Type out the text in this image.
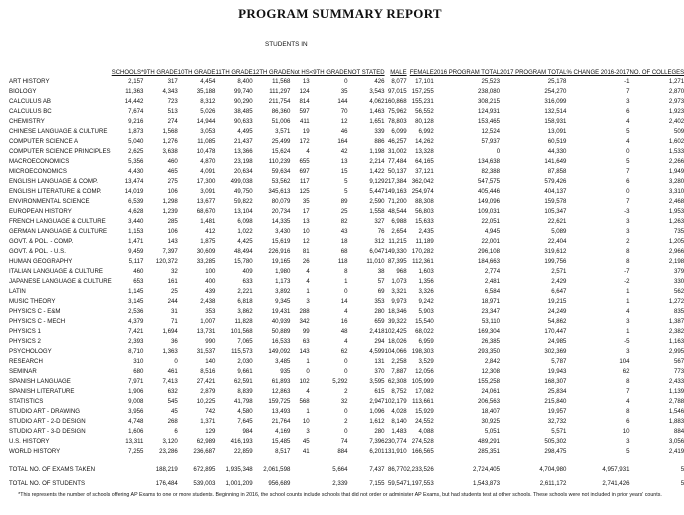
PROGRAM SUMMARY REPORT
STUDENTS IN

	SCHOOLS*	9TH GRADE	10TH GRADE	11TH GRADE	12TH GRADE	Not HS	<9TH GRADE	NOT STATED	MALE	FEMALE	2016 PROGRAM TOTAL	2017 PROGRAM TOTAL	% CHANGE 2016-2017	NO. OF COLLEGES	

ART HISTORY	2,157	317	4,454	8,400	11,568	13	0	426	8,077	17,101	25,523	25,178	-1	1,271	
BIOLOGY	11,363	4,343	35,188	99,740	111,297	124	35	3,543	97,015	157,255	238,080	254,270	7	2,870	
CALCULUS AB	14,442	723	8,312	90,290	211,754	814	144	4,062	160,868	155,231	308,215	316,099	3	2,973	
CALCULUS BC	7,674	513	5,026	38,485	86,360	597	70	1,463	75,962	56,552	124,931	132,514	6	1,923	
CHEMISTRY	9,216	274	14,944	90,633	51,006	411	12	1,651	78,803	80,128	153,465	158,931	4	2,402	
CHINESE LANGUAGE & CULTURE	1,873	1,568	3,053	4,495	3,571	19	46	339	6,099	6,992	12,524	13,091	5	509	
COMPUTER SCIENCE A	5,040	1,276	11,085	21,437	25,499	172	164	886	46,257	14,262	57,937	60,519	4	1,602	
COMPUTER SCIENCE PRINCIPLES	2,625	3,638	10,478	13,366	15,624	4	42	1,198	31,002	13,328	0	44,330	0	1,533	
MACROECONOMICS	5,356	460	4,870	23,198	110,239	655	13	2,214	77,484	64,165	134,638	141,649	5	2,266	
MICROECONOMICS	4,430	465	4,091	20,634	59,634	697	15	1,422	50,137	37,121	82,388	87,858	7	1,949	
ENGLISH LANGUAGE & COMP.	13,474	275	17,300	499,038	53,562	117	5	9,129	217,384	362,042	547,575	579,426	6	3,280	
ENGLISH LITERATURE & COMP.	14,019	106	3,091	49,750	345,613	125	5	5,447	149,163	254,974	405,446	404,137	0	3,310	
ENVIRONMENTAL SCIENCE	6,539	1,298	13,677	59,822	80,079	35	89	2,590	71,200	88,308	149,096	159,578	7	2,468	
EUROPEAN HISTORY	4,628	1,239	68,670	13,104	20,734	17	25	1,558	48,544	56,803	109,031	105,347	-3	1,953	
FRENCH LANGUAGE & CULTURE	3,440	285	1,481	6,098	14,335	13	82	327	6,988	15,633	22,051	22,621	3	1,263	
GERMAN LANGUAGE & CULTURE	1,153	106	412	1,022	3,430	10	43	76	2,654	2,435	4,945	5,089	3	735	
GOVT. & POL. - COMP.	1,471	143	1,875	4,425	15,619	12	18	312	11,215	11,189	22,001	22,404	2	1,205	
GOVT. & POL. - U.S.	9,459	7,397	30,609	48,494	226,916	81	68	6,047	149,330	170,282	296,108	319,612	8	2,966	
HUMAN GEOGRAPHY	5,117	120,372	33,285	15,780	19,165	26	118	11,010	87,395	112,361	184,663	199,756	8	2,198	
ITALIAN LANGUAGE & CULTURE	460	32	100	409	1,980	4	8	38	968	1,603	2,774	2,571	-7	379	
JAPANESE LANGUAGE & CULTURE	653	161	400	633	1,173	4	1	57	1,073	1,356	2,481	2,429	-2	330	
LATIN	1,145	25	439	2,221	3,892	1	0	69	3,321	3,326	6,584	6,647	1	562	
MUSIC THEORY	3,145	244	2,438	6,818	9,345	3	14	353	9,973	9,242	18,971	19,215	1	1,272	
PHYSICS C - E&M	2,536	31	353	3,862	19,431	288	4	280	18,346	5,903	23,347	24,249	4	835	
PHYSICS C - MECH	4,379	71	1,007	11,828	40,939	342	16	659	39,322	15,540	53,110	54,862	3	1,387	
PHYSICS 1	7,421	1,694	13,731	101,568	50,889	99	48	2,418	102,425	68,022	169,304	170,447	1	2,382	
PHYSICS 2	2,393	36	990	7,065	16,533	63	4	294	18,026	6,959	26,385	24,985	-5	1,163	
PSYCHOLOGY	8,710	1,363	31,537	115,573	149,092	143	62	4,599	104,066	198,303	293,350	302,369	3	2,995	
RESEARCH	310	0	140	2,030	3,485	1	0	131	2,258	3,529	2,842	5,787	104	567	
SEMINAR	680	461	8,516	9,661	935	0	0	370	7,887	12,056	12,308	19,943	62	773	
SPANISH LANGUAGE	7,971	7,413	27,421	62,591	61,893	102	5,292	3,595	62,308	105,999	155,258	168,307	8	2,433	
SPANISH LITERATURE	1,906	632	2,879	8,839	12,863	4	2	615	8,752	17,082	24,061	25,834	7	1,139	
STATISTICS	9,008	545	10,225	41,798	159,725	568	32	2,947	102,179	113,661	206,563	215,840	4	2,788	
STUDIO ART - DRAWING	3,956	45	742	4,580	13,493	1	0	1,096	4,028	15,929	18,407	19,957	8	1,546	
STUDIO ART - 2-D DESIGN	4,748	268	1,371	7,645	21,764	10	2	1,612	8,140	24,552	30,925	32,732	6	1,883	
STUDIO ART - 3-D DESIGN	1,606	6	129	984	4,169	3	0	280	1,483	4,088	5,051	5,571	10	884	
U.S. HISTORY	13,311	3,120	62,989	416,193	15,485	45	74	7,396	230,774	274,528	489,291	505,302	3	3,056	
WORLD HISTORY	7,255	23,286	236,687	22,859	8,517	41	884	6,201	131,910	166,565	285,351	298,475	5	2,419	

TOTAL NO. OF EXAMS TAKEN		188,219	672,895	1,935,348	2,061,598		5,664	7,437	86,770	2,233,526	2,724,405	4,704,980	4,957,931	5	

TOTAL NO. OF STUDENTS		176,484	539,003	1,001,209	956,689		2,339	7,155	59,547	1,197,553	1,543,873	2,611,172	2,741,426	5	
*This represents the number of schools offering AP Exams to one or more students. Beginning in 2016, the school counts include schools that did not order or administer AP Exams, but had students test at other schools. These schools were not included in prior years' counts.
